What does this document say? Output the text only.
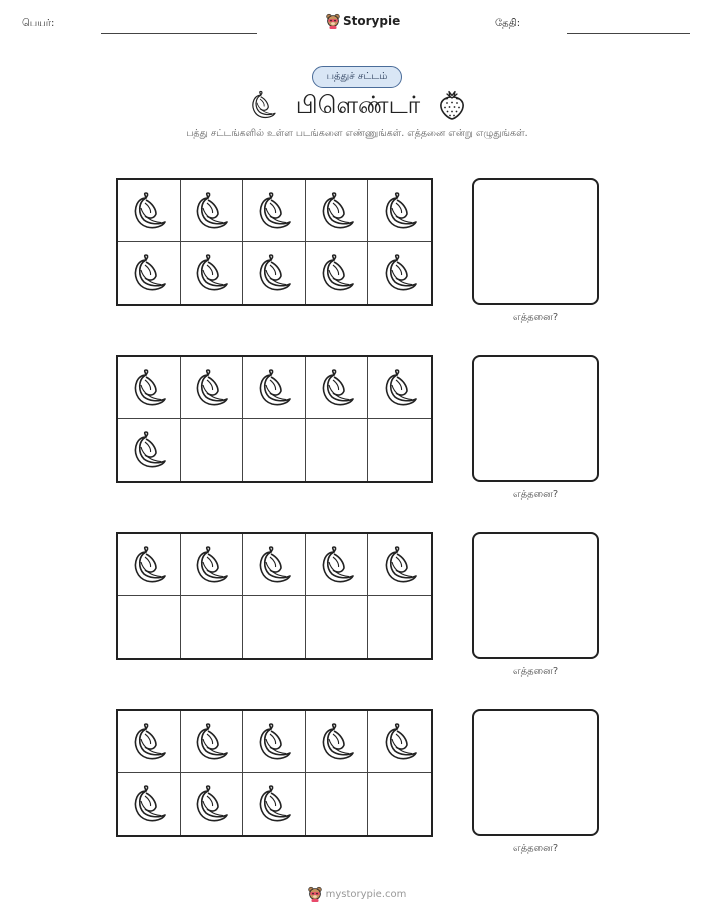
பெயர்:	Storypie	தேதி:
பத்துச் சட்டம்
பிளெண்டர்
பத்து சட்டங்களில் உள்ள படங்களை எண்ணுங்கள். எத்தனை என்று எழுதுங்கள்.
எத்தனை?
எத்தனை?
எத்தனை?
எத்தனை?
mystorypie.com
